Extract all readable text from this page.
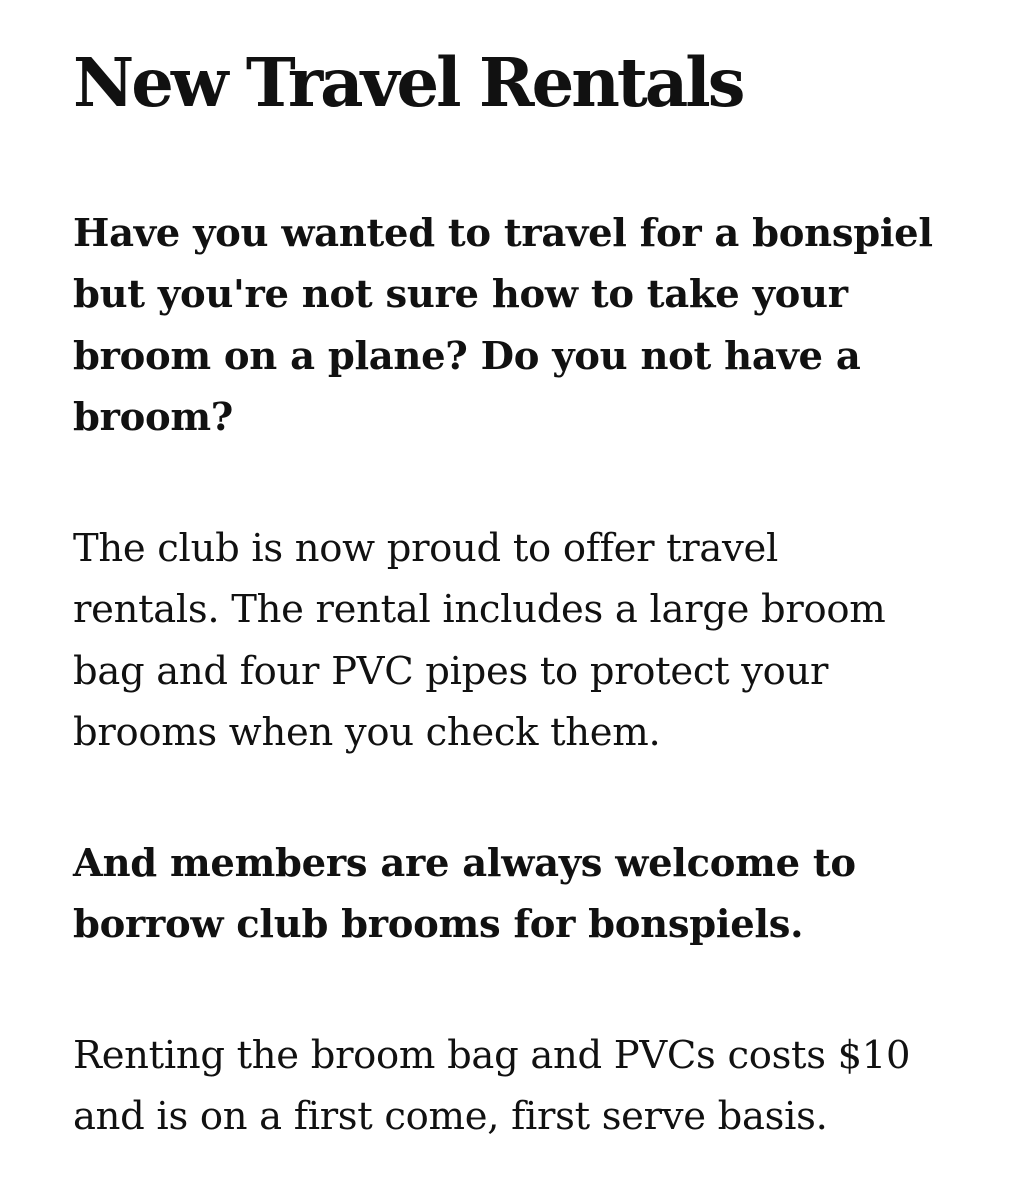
New Travel Rentals

Have you wanted to travel for a bonspiel
but you're not sure how to take your
broom on a plane? Do you not have a
broom?

The club is now proud to offer travel
rentals. The rental includes a large broom
bag and four PVC pipes to protect your
brooms when you check them.

And members are always welcome to
borrow club brooms for bonspiels.

Renting the broom bag and PVCs costs $10
and is on a first come, first serve basis.
